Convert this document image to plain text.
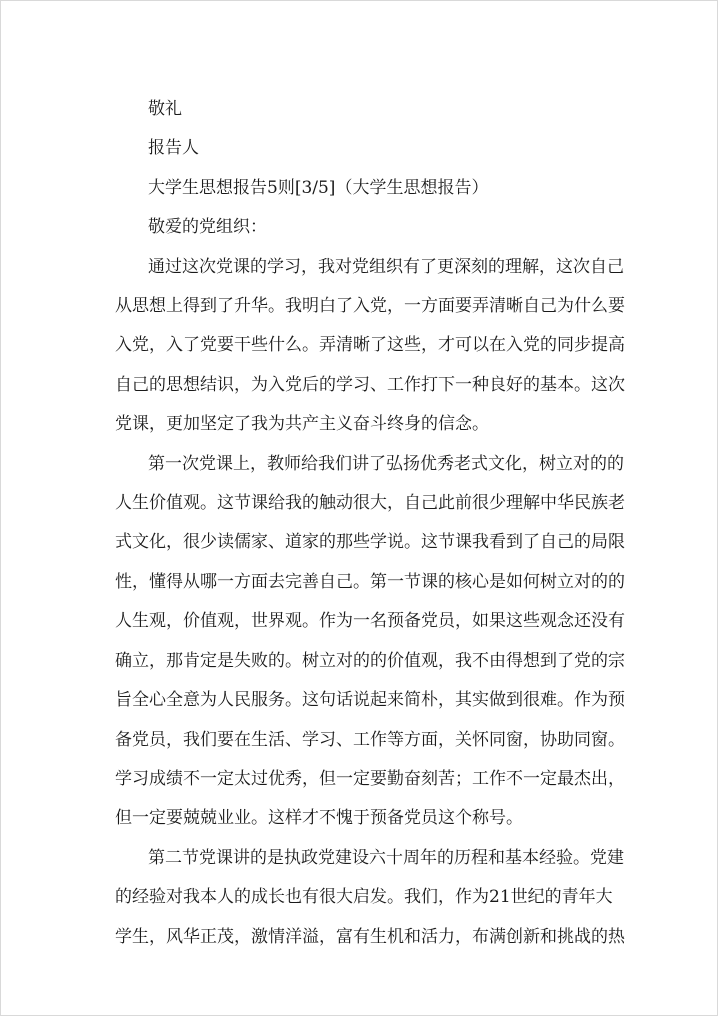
敬礼

报告人

大学生思想报告5则[3/5]（大学生思想报告）

敬爱的党组织：

通过这次党课的学习，我对党组织有了更深刻的理解，这次自己

从思想上得到了升华。我明白了入党，一方面要弄清晰自己为什么要

入党，入了党要干些什么。弄清晰了这些，才可以在入党的同步提高

自己的思想结识，为入党后的学习、工作打下一种良好的基本。这次

党课，更加坚定了我为共产主义奋斗终身的信念。

第一次党课上，教师给我们讲了弘扬优秀老式文化，树立对的的

人生价值观。这节课给我的触动很大，自己此前很少理解中华民族老

式文化，很少读儒家、道家的那些学说。这节课我看到了自己的局限

性，懂得从哪一方面去完善自己。第一节课的核心是如何树立对的的

人生观，价值观，世界观。作为一名预备党员，如果这些观念还没有

确立，那肯定是失败的。树立对的的价值观，我不由得想到了党的宗

旨全心全意为人民服务。这句话说起来简朴，其实做到很难。作为预

备党员，我们要在生活、学习、工作等方面，关怀同窗，协助同窗。

学习成绩不一定太过优秀，但一定要勤奋刻苦；工作不一定最杰出，

但一定要兢兢业业。这样才不愧于预备党员这个称号。

第二节党课讲的是执政党建设六十周年的历程和基本经验。党建

的经验对我本人的成长也有很大启发。我们，作为21世纪的青年大

学生，风华正茂，激情洋溢，富有生机和活力，布满创新和挑战的热
